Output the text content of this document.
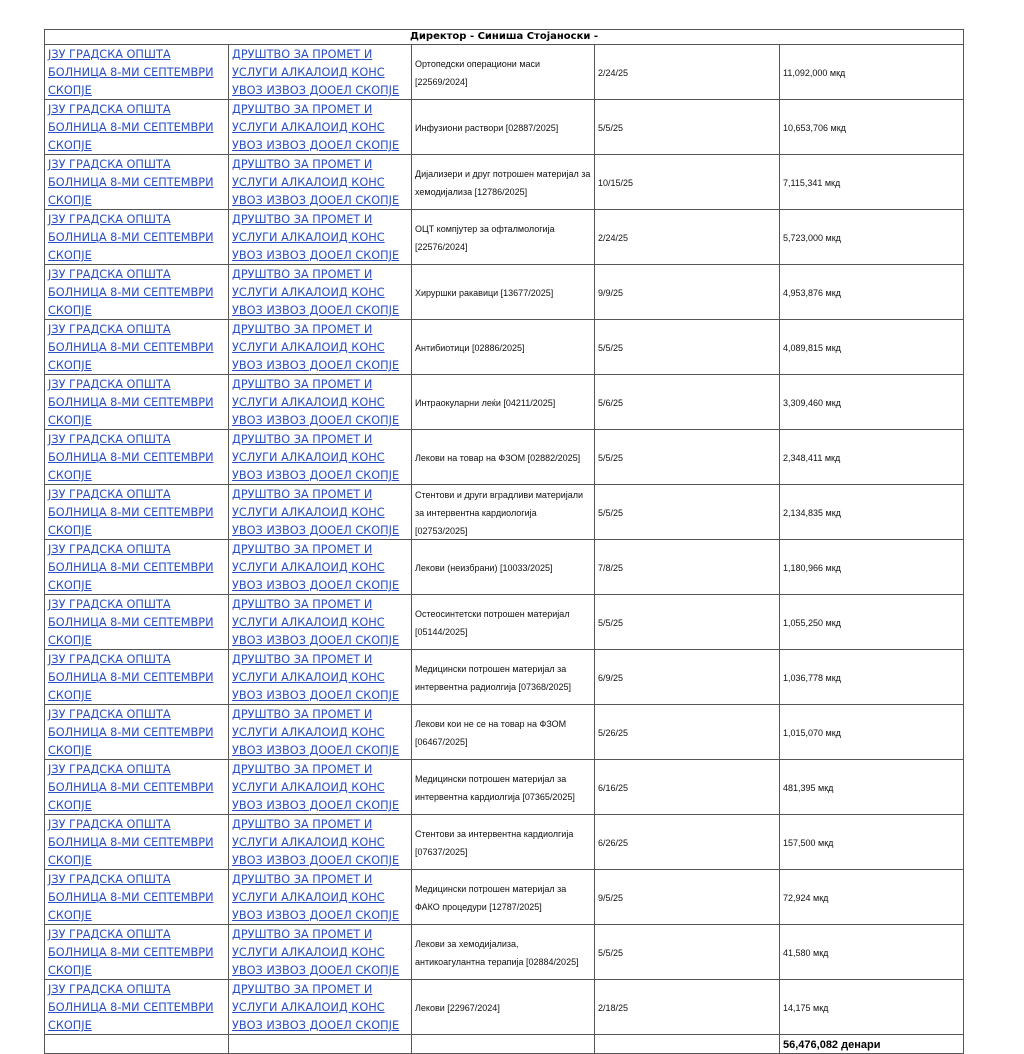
Директор - Синиша Стојаноски -				
ЈЗУ ГРАДСКА ОПШТА БОЛНИЦА 8-МИ СЕПТЕМВРИ СКОПЈЕ	ДРУШТВО ЗА ПРОМЕТ И УСЛУГИ АЛКАЛОИД КОНС УВОЗ ИЗВОЗ ДООЕЛ СКОПЈЕ	Ортопедски операциони маси [22569/2024]	2/24/25	11,092,000 мкд
ЈЗУ ГРАДСКА ОПШТА БОЛНИЦА 8-МИ СЕПТЕМВРИ СКОПЈЕ	ДРУШТВО ЗА ПРОМЕТ И УСЛУГИ АЛКАЛОИД КОНС УВОЗ ИЗВОЗ ДООЕЛ СКОПЈЕ	Инфузиони раствори [02887/2025]	5/5/25	10,653,706 мкд
ЈЗУ ГРАДСКА ОПШТА БОЛНИЦА 8-МИ СЕПТЕМВРИ СКОПЈЕ	ДРУШТВО ЗА ПРОМЕТ И УСЛУГИ АЛКАЛОИД КОНС УВОЗ ИЗВОЗ ДООЕЛ СКОПЈЕ	Дијализери и друг потрошен материјал за хемодијализа [12786/2025]	10/15/25	7,115,341 мкд
ЈЗУ ГРАДСКА ОПШТА БОЛНИЦА 8-МИ СЕПТЕМВРИ СКОПЈЕ	ДРУШТВО ЗА ПРОМЕТ И УСЛУГИ АЛКАЛОИД КОНС УВОЗ ИЗВОЗ ДООЕЛ СКОПЈЕ	ОЦТ компјутер за офталмологија [22576/2024]	2/24/25	5,723,000 мкд
ЈЗУ ГРАДСКА ОПШТА БОЛНИЦА 8-МИ СЕПТЕМВРИ СКОПЈЕ	ДРУШТВО ЗА ПРОМЕТ И УСЛУГИ АЛКАЛОИД КОНС УВОЗ ИЗВОЗ ДООЕЛ СКОПЈЕ	Хируршки ракавици [13677/2025]	9/9/25	4,953,876 мкд
ЈЗУ ГРАДСКА ОПШТА БОЛНИЦА 8-МИ СЕПТЕМВРИ СКОПЈЕ	ДРУШТВО ЗА ПРОМЕТ И УСЛУГИ АЛКАЛОИД КОНС УВОЗ ИЗВОЗ ДООЕЛ СКОПЈЕ	Антибиотици [02886/2025]	5/5/25	4,089,815 мкд
ЈЗУ ГРАДСКА ОПШТА БОЛНИЦА 8-МИ СЕПТЕМВРИ СКОПЈЕ	ДРУШТВО ЗА ПРОМЕТ И УСЛУГИ АЛКАЛОИД КОНС УВОЗ ИЗВОЗ ДООЕЛ СКОПЈЕ	Интраокуларни леќи [04211/2025]	5/6/25	3,309,460 мкд
ЈЗУ ГРАДСКА ОПШТА БОЛНИЦА 8-МИ СЕПТЕМВРИ СКОПЈЕ	ДРУШТВО ЗА ПРОМЕТ И УСЛУГИ АЛКАЛОИД КОНС УВОЗ ИЗВОЗ ДООЕЛ СКОПЈЕ	Лекови на товар на ФЗОМ [02882/2025]	5/5/25	2,348,411 мкд
ЈЗУ ГРАДСКА ОПШТА БОЛНИЦА 8-МИ СЕПТЕМВРИ СКОПЈЕ	ДРУШТВО ЗА ПРОМЕТ И УСЛУГИ АЛКАЛОИД КОНС УВОЗ ИЗВОЗ ДООЕЛ СКОПЈЕ	Стентови и други вградливи материјали за интервентна кардиологија [02753/2025]	5/5/25	2,134,835 мкд
ЈЗУ ГРАДСКА ОПШТА БОЛНИЦА 8-МИ СЕПТЕМВРИ СКОПЈЕ	ДРУШТВО ЗА ПРОМЕТ И УСЛУГИ АЛКАЛОИД КОНС УВОЗ ИЗВОЗ ДООЕЛ СКОПЈЕ	Лекови (неизбрани) [10033/2025]	7/8/25	1,180,966 мкд
ЈЗУ ГРАДСКА ОПШТА БОЛНИЦА 8-МИ СЕПТЕМВРИ СКОПЈЕ	ДРУШТВО ЗА ПРОМЕТ И УСЛУГИ АЛКАЛОИД КОНС УВОЗ ИЗВОЗ ДООЕЛ СКОПЈЕ	Остеосинтетски потрошен материјал [05144/2025]	5/5/25	1,055,250 мкд
ЈЗУ ГРАДСКА ОПШТА БОЛНИЦА 8-МИ СЕПТЕМВРИ СКОПЈЕ	ДРУШТВО ЗА ПРОМЕТ И УСЛУГИ АЛКАЛОИД КОНС УВОЗ ИЗВОЗ ДООЕЛ СКОПЈЕ	Медицински потрошен материјал за интервентна радиолгија [07368/2025]	6/9/25	1,036,778 мкд
ЈЗУ ГРАДСКА ОПШТА БОЛНИЦА 8-МИ СЕПТЕМВРИ СКОПЈЕ	ДРУШТВО ЗА ПРОМЕТ И УСЛУГИ АЛКАЛОИД КОНС УВОЗ ИЗВОЗ ДООЕЛ СКОПЈЕ	Лекови кои не се на товар на ФЗОМ [06467/2025]	5/26/25	1,015,070 мкд
ЈЗУ ГРАДСКА ОПШТА БОЛНИЦА 8-МИ СЕПТЕМВРИ СКОПЈЕ	ДРУШТВО ЗА ПРОМЕТ И УСЛУГИ АЛКАЛОИД КОНС УВОЗ ИЗВОЗ ДООЕЛ СКОПЈЕ	Медицински потрошен материјал за интервентна кардиолгија [07365/2025]	6/16/25	481,395 мкд
ЈЗУ ГРАДСКА ОПШТА БОЛНИЦА 8-МИ СЕПТЕМВРИ СКОПЈЕ	ДРУШТВО ЗА ПРОМЕТ И УСЛУГИ АЛКАЛОИД КОНС УВОЗ ИЗВОЗ ДООЕЛ СКОПЈЕ	Стентови за интервентна кардиолгија [07637/2025]	6/26/25	157,500 мкд
ЈЗУ ГРАДСКА ОПШТА БОЛНИЦА 8-МИ СЕПТЕМВРИ СКОПЈЕ	ДРУШТВО ЗА ПРОМЕТ И УСЛУГИ АЛКАЛОИД КОНС УВОЗ ИЗВОЗ ДООЕЛ СКОПЈЕ	Медицински потрошен материјал за ФАКО процедури [12787/2025]	9/5/25	72,924 мкд
ЈЗУ ГРАДСКА ОПШТА БОЛНИЦА 8-МИ СЕПТЕМВРИ СКОПЈЕ	ДРУШТВО ЗА ПРОМЕТ И УСЛУГИ АЛКАЛОИД КОНС УВОЗ ИЗВОЗ ДООЕЛ СКОПЈЕ	Лекови за хемодијализа, антикоагулантна терапија [02884/2025]	5/5/25	41,580 мкд
ЈЗУ ГРАДСКА ОПШТА БОЛНИЦА 8-МИ СЕПТЕМВРИ СКОПЈЕ	ДРУШТВО ЗА ПРОМЕТ И УСЛУГИ АЛКАЛОИД КОНС УВОЗ ИЗВОЗ ДООЕЛ СКОПЈЕ	Лекови [22967/2024]	2/18/25	14,175 мкд
				56,476,082 денари
